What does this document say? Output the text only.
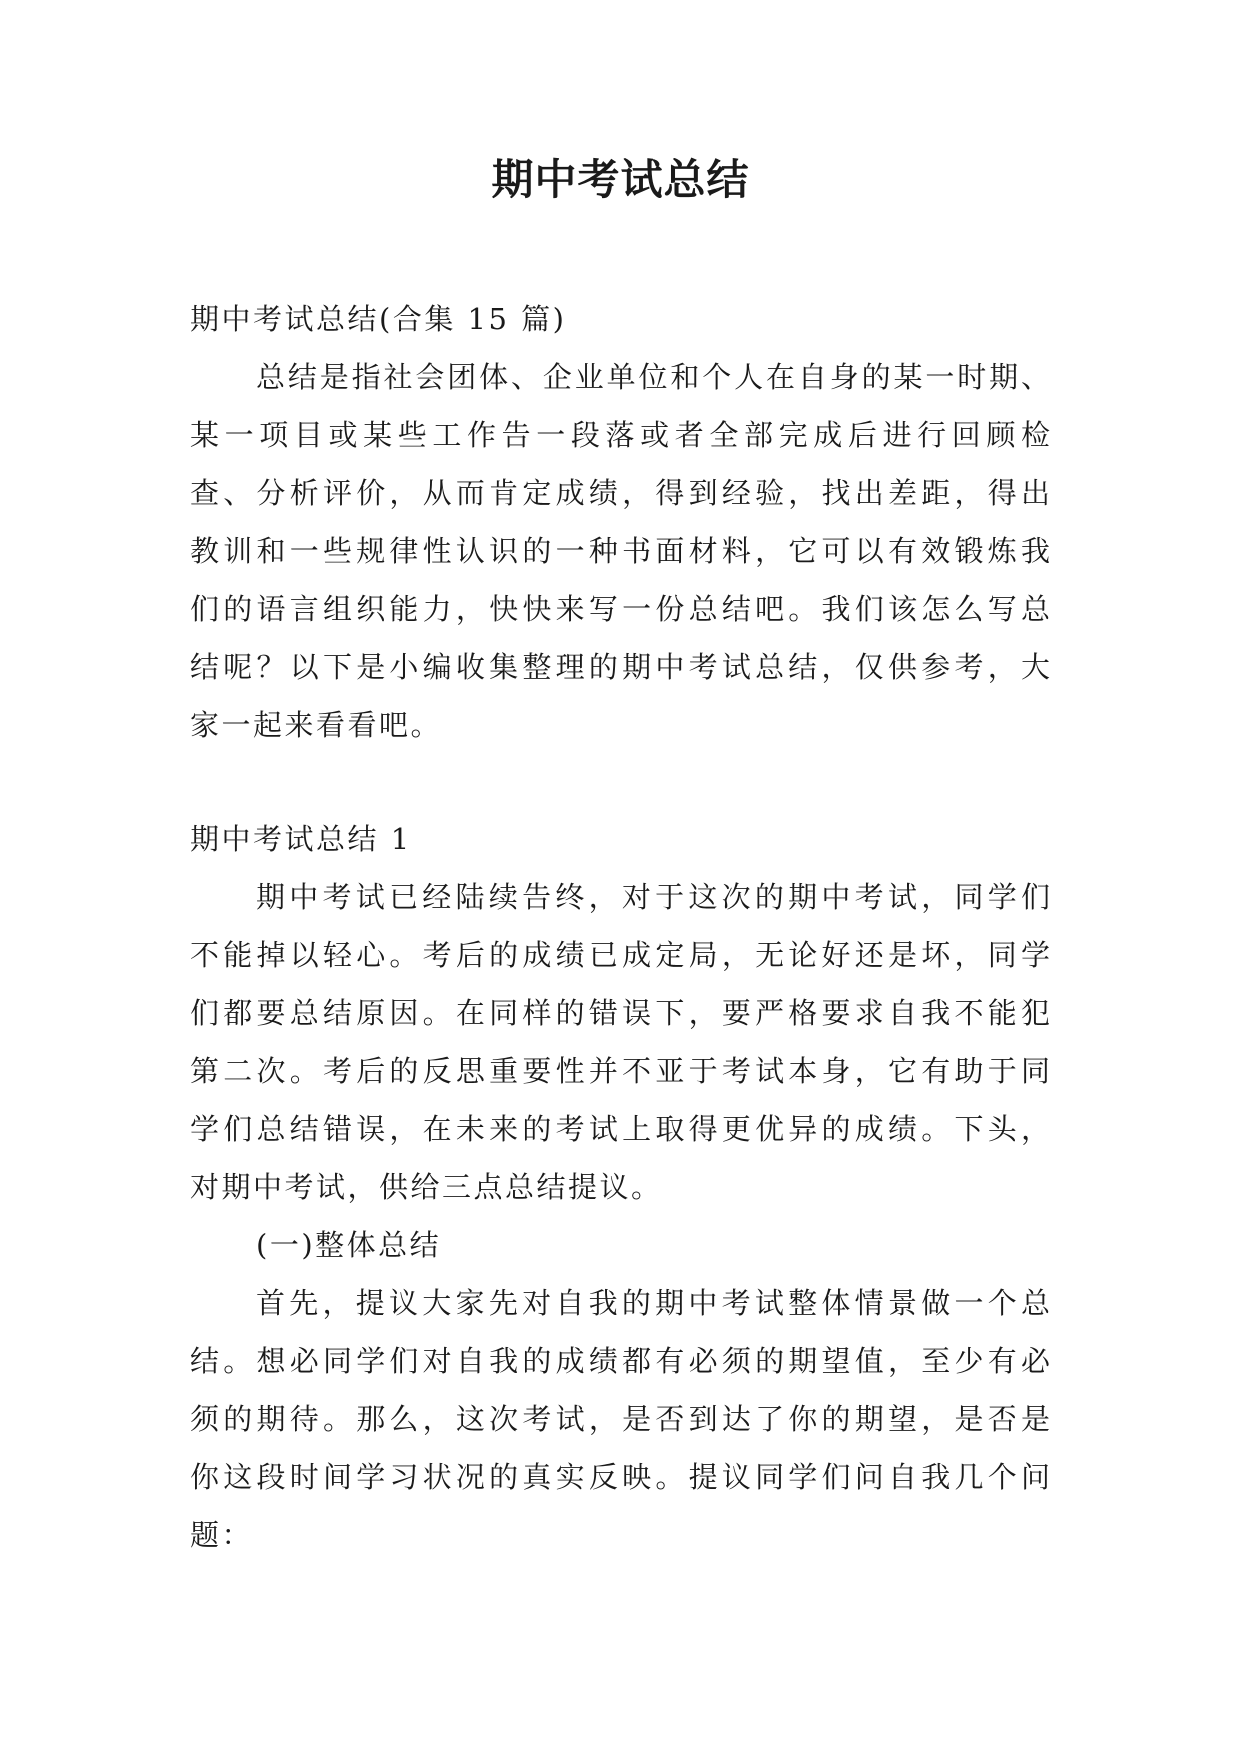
期中考试总结

期中考试总结(合集 15 篇)

总结是指社会团体、企业单位和个人在自身的某一时期、

某一项目或某些工作告一段落或者全部完成后进行回顾检

查、分析评价，从而肯定成绩，得到经验，找出差距，得出

教训和一些规律性认识的一种书面材料，它可以有效锻炼我

们的语言组织能力，快快来写一份总结吧。我们该怎么写总

结呢？以下是小编收集整理的期中考试总结，仅供参考，大

家一起来看看吧。

期中考试总结 1

期中考试已经陆续告终，对于这次的期中考试，同学们

不能掉以轻心。考后的成绩已成定局，无论好还是坏，同学

们都要总结原因。在同样的错误下，要严格要求自我不能犯

第二次。考后的反思重要性并不亚于考试本身，它有助于同

学们总结错误，在未来的考试上取得更优异的成绩。下头，

对期中考试，供给三点总结提议。

(一)整体总结

首先，提议大家先对自我的期中考试整体情景做一个总

结。想必同学们对自我的成绩都有必须的期望值，至少有必

须的期待。那么，这次考试，是否到达了你的期望，是否是

你这段时间学习状况的真实反映。提议同学们问自我几个问

题：
